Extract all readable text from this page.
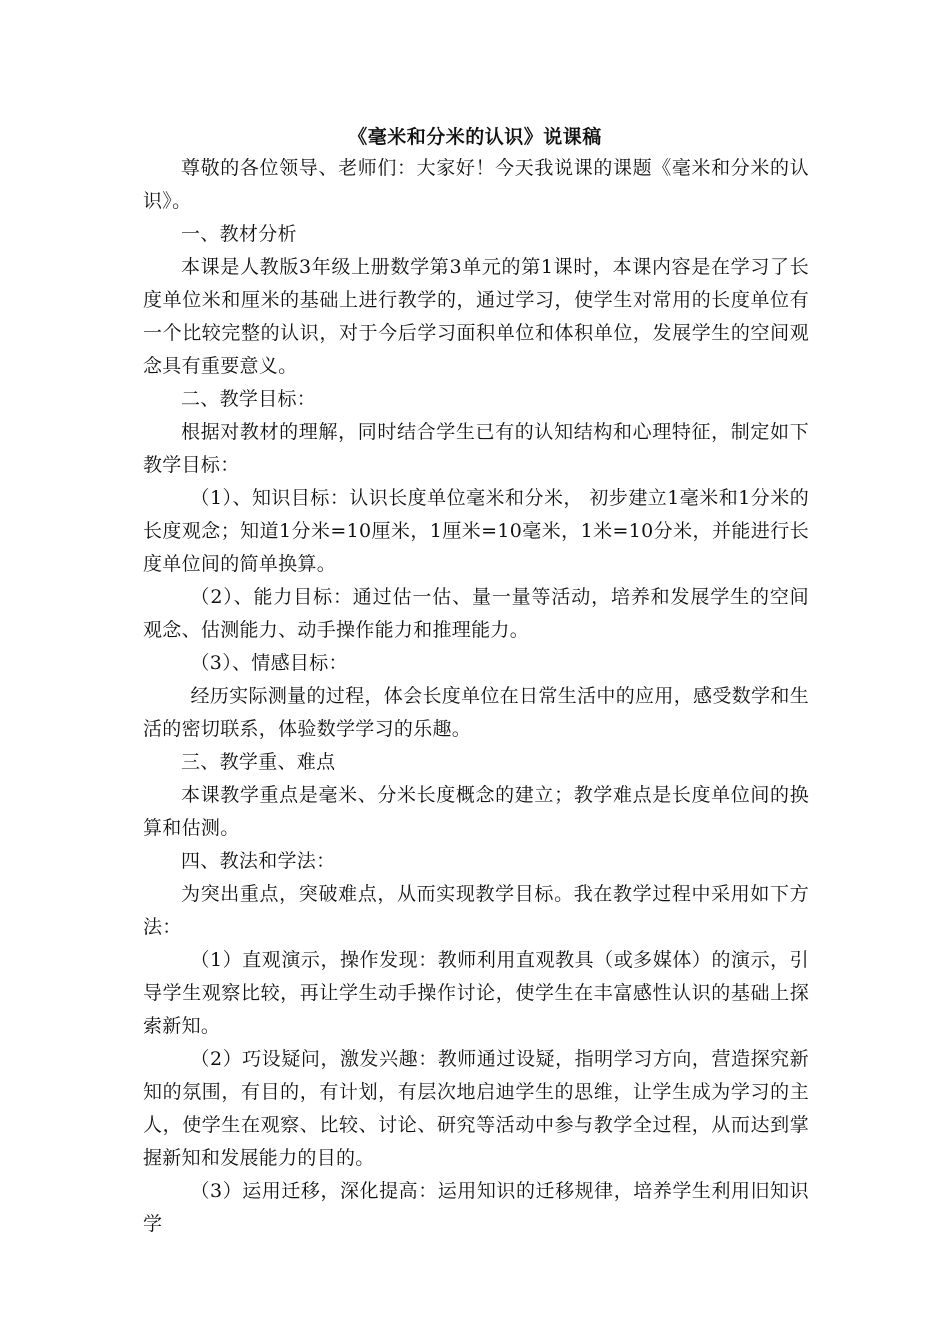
《毫米和分米的认识》说课稿

尊敬的各位领导、老师们：大家好！今天我说课的课题《毫米和分米的认识》。

一、教材分析

本课是人教版3年级上册数学第3单元的第1课时，本课内容是在学习了长度单位米和厘米的基础上进行教学的，通过学习，使学生对常用的长度单位有一个比较完整的认识，对于今后学习面积单位和体积单位，发展学生的空间观念具有重要意义。

二、教学目标：

根据对教材的理解，同时结合学生已有的认知结构和心理特征，制定如下教学目标：

（1）、知识目标：认识长度单位毫米和分米， 初步建立1毫米和1分米的长度观念；知道1分米=10厘米，1厘米=10毫米，1米=10分米，并能进行长度单位间的简单换算。

（2）、能力目标：通过估一估、量一量等活动，培养和发展学生的空间观念、估测能力、动手操作能力和推理能力。

（3）、情感目标：

经历实际测量的过程，体会长度单位在日常生活中的应用，感受数学和生活的密切联系，体验数学学习的乐趣。

三、教学重、难点

本课教学重点是毫米、分米长度概念的建立；教学难点是长度单位间的换算和估测。

四、教法和学法：

为突出重点，突破难点，从而实现教学目标。我在教学过程中采用如下方法：

（1）直观演示，操作发现：教师利用直观教具（或多媒体）的演示，引导学生观察比较，再让学生动手操作讨论，使学生在丰富感性认识的基础上探索新知。

（2）巧设疑问，激发兴趣：教师通过设疑，指明学习方向，营造探究新知的氛围，有目的，有计划，有层次地启迪学生的思维，让学生成为学习的主人，使学生在观察、比较、讨论、研究等活动中参与教学全过程，从而达到掌握新知和发展能力的目的。

（3）运用迁移，深化提高：运用知识的迁移规律，培养学生利用旧知识学
